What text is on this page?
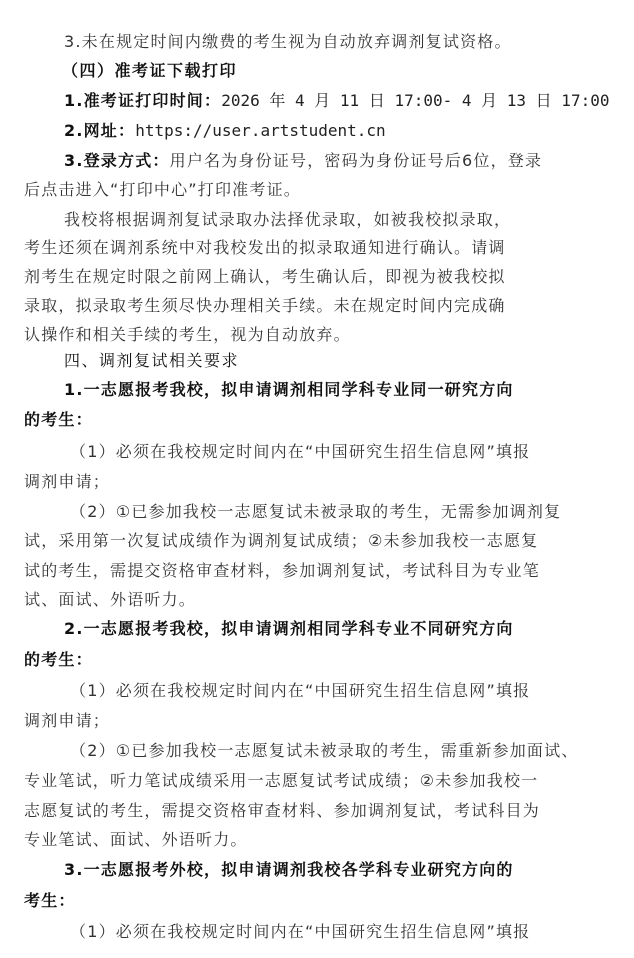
3.未在规定时间内缴费的考生视为自动放弃调剂复试资格。
（四）准考证下载打印
1.准考证打印时间：2026 年 4 月 11 日 17:00- 4 月 13 日 17:00
2.网址：https://user.artstudent.cn
3.登录方式：用户名为身份证号，密码为身份证号后6位，登录
后点击进入“打印中心”打印准考证。
我校将根据调剂复试录取办法择优录取，如被我校拟录取，
考生还须在调剂系统中对我校发出的拟录取通知进行确认。请调
剂考生在规定时限之前网上确认，考生确认后，即视为被我校拟
录取，拟录取考生须尽快办理相关手续。未在规定时间内完成确
认操作和相关手续的考生，视为自动放弃。
四、调剂复试相关要求
1.一志愿报考我校，拟申请调剂相同学科专业同一研究方向
的考生：
（1）必须在我校规定时间内在“中国研究生招生信息网”填报
调剂申请；
（2）①已参加我校一志愿复试未被录取的考生，无需参加调剂复
试，采用第一次复试成绩作为调剂复试成绩；②未参加我校一志愿复
试的考生，需提交资格审查材料，参加调剂复试，考试科目为专业笔
试、面试、外语听力。
2.一志愿报考我校，拟申请调剂相同学科专业不同研究方向
的考生：
（1）必须在我校规定时间内在“中国研究生招生信息网”填报
调剂申请；
（2）①已参加我校一志愿复试未被录取的考生，需重新参加面试、
专业笔试，听力笔试成绩采用一志愿复试考试成绩；②未参加我校一
志愿复试的考生，需提交资格审查材料、参加调剂复试，考试科目为
专业笔试、面试、外语听力。
3.一志愿报考外校，拟申请调剂我校各学科专业研究方向的
考生：
（1）必须在我校规定时间内在“中国研究生招生信息网”填报
